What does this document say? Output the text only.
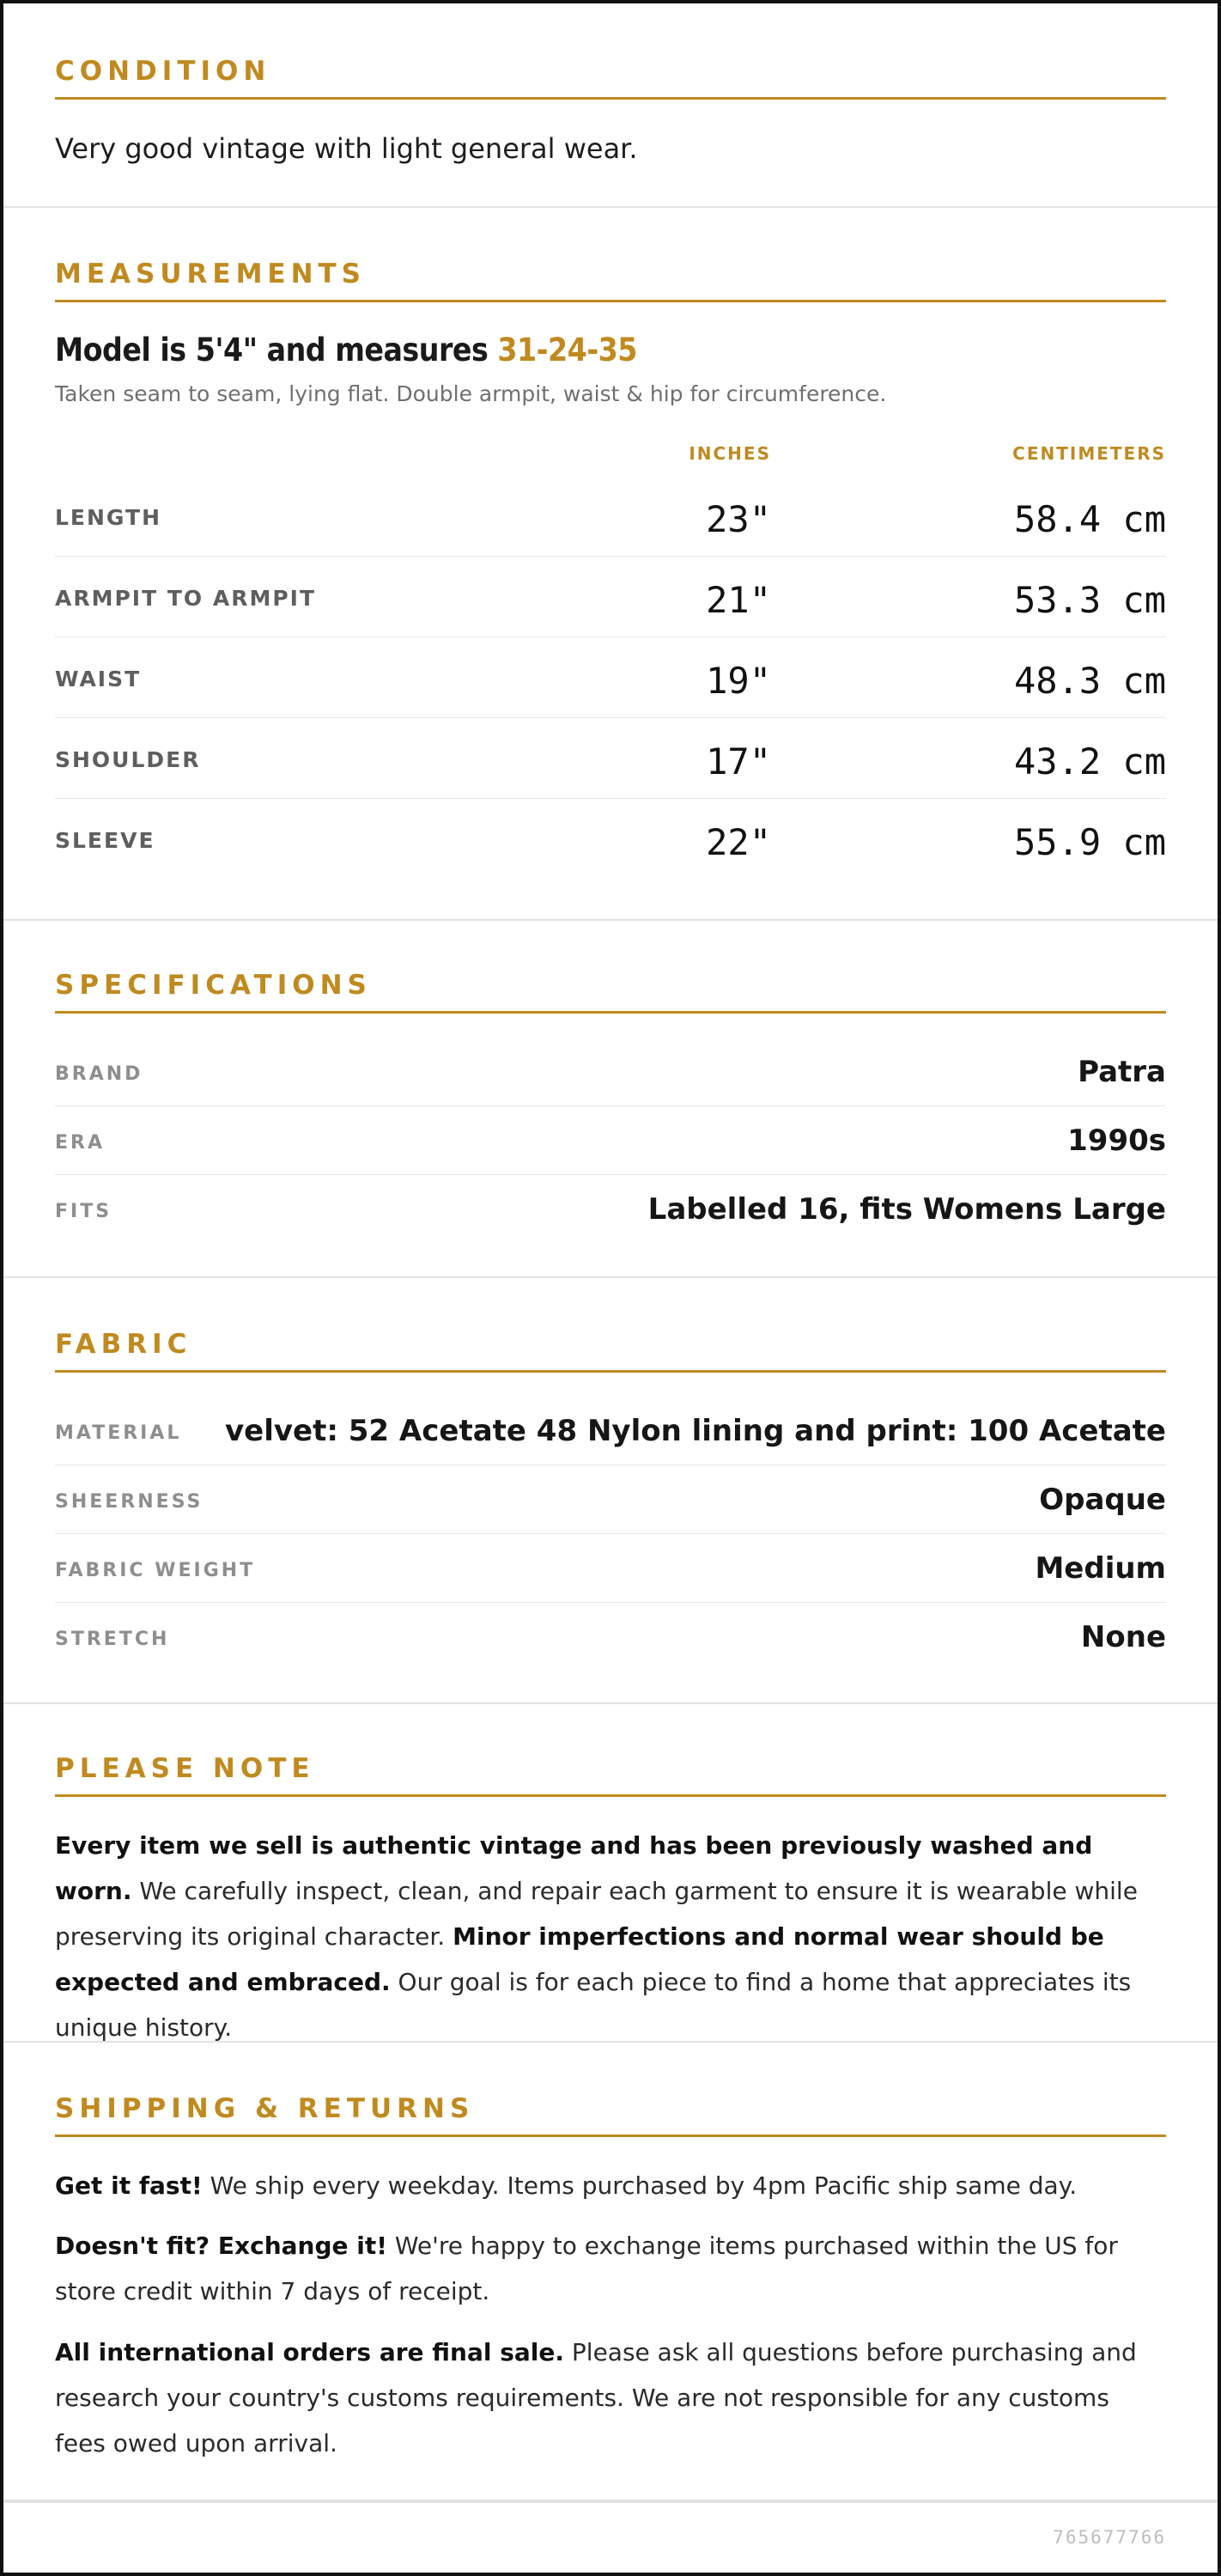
CONDITION
Very good vintage with light general wear.
MEASUREMENTS
Model is 5'4" and measures 31-24-35
Taken seam to seam, lying flat. Double armpit, waist & hip for circumference.
INCHES	CENTIMETERS
LENGTH	23"	58.4 cm
ARMPIT TO ARMPIT	21"	53.3 cm
WAIST	19"	48.3 cm
SHOULDER	17"	43.2 cm
SLEEVE	22"	55.9 cm
SPECIFICATIONS
BRAND	Patra
ERA	1990s
FITS	Labelled 16, fits Womens Large
FABRIC
MATERIAL velvet: 52 Acetate 48 Nylon lining and print: 100 Acetate
SHEERNESS	Opaque
FABRIC WEIGHT	Medium
STRETCH	None
PLEASE NOTE
Every item we sell is authentic vintage and has been previously washed and worn. We carefully inspect, clean, and repair each garment to ensure it is wearable while preserving its original character. Minor imperfections and normal wear should be expected and embraced. Our goal is for each piece to find a home that appreciates its unique history.
SHIPPING & RETURNS
Get it fast! We ship every weekday. Items purchased by 4pm Pacific ship same day.
Doesn't fit? Exchange it! We're happy to exchange items purchased within the US for store credit within 7 days of receipt.
All international orders are final sale. Please ask all questions before purchasing and research your country's customs requirements. We are not responsible for any customs fees owed upon arrival.
765677766
